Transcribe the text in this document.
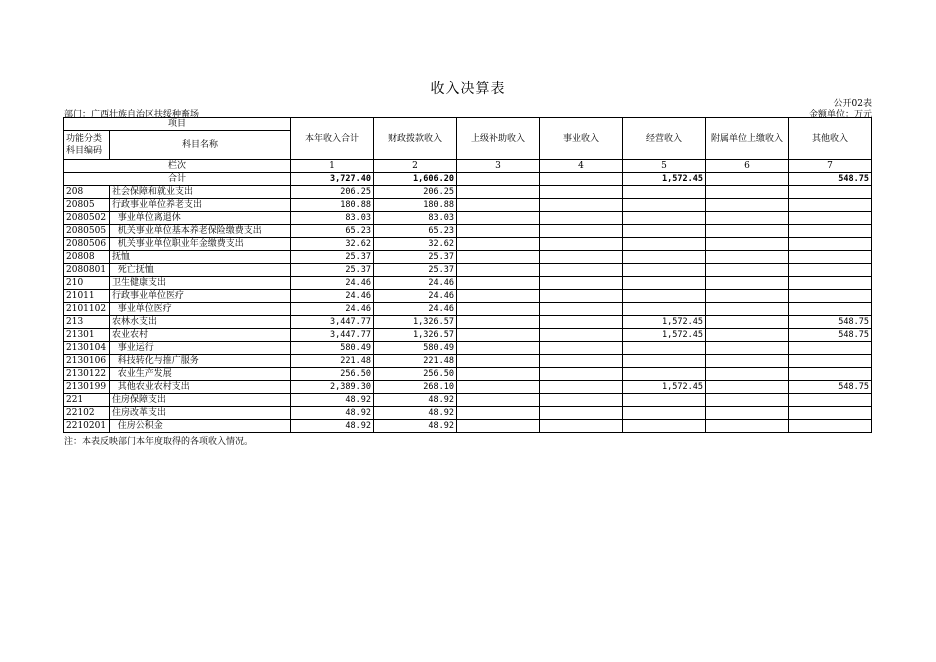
收入决算表
公开02表
部门：广西壮族自治区扶绥种畜场	金额单位：万元
项目		本年收入合计	财政拨款收入	上级补助收入	事业收入	经营收入	附属单位上缴收入	其他收入
功能分类科目编码	科目名称							

栏次		1	2	3	4	5	6	7
合计		3,727.40	1,606.20			1,572.45		548.75
208	社会保障和就业支出	206.25	206.25					
20805	行政事业单位养老支出	180.88	180.88					
2080502	事业单位离退休	83.03	83.03					
2080505	机关事业单位基本养老保险缴费支出	65.23	65.23					
2080506	机关事业单位职业年金缴费支出	32.62	32.62					
20808	抚恤	25.37	25.37					
2080801	死亡抚恤	25.37	25.37					
210	卫生健康支出	24.46	24.46					
21011	行政事业单位医疗	24.46	24.46					
2101102	事业单位医疗	24.46	24.46					
213	农林水支出	3,447.77	1,326.57			1,572.45		548.75
21301	农业农村	3,447.77	1,326.57			1,572.45		548.75
2130104	事业运行	580.49	580.49					
2130106	科技转化与推广服务	221.48	221.48					
2130122	农业生产发展	256.50	256.50					
2130199	其他农业农村支出	2,389.30	268.10			1,572.45		548.75
221	住房保障支出	48.92	48.92					
22102	住房改革支出	48.92	48.92					
2210201	住房公积金	48.92	48.92					
注：本表反映部门本年度取得的各项收入情况。
